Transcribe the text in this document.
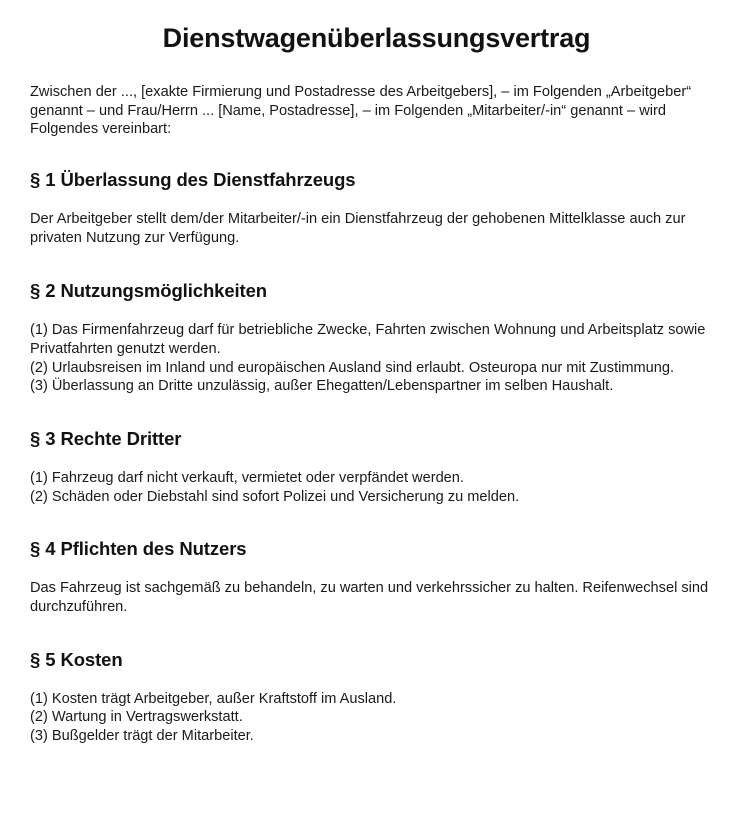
Dienstwagenüberlassungsvertrag

Zwischen der ..., [exakte Firmierung und Postadresse des Arbeitgebers], – im Folgenden „Arbeitgeber“ genannt – und Frau/Herrn ... [Name, Postadresse], – im Folgenden „Mitarbeiter/-in“ genannt – wird Folgendes vereinbart:

§ 1 Überlassung des Dienstfahrzeugs

Der Arbeitgeber stellt dem/der Mitarbeiter/-in ein Dienstfahrzeug der gehobenen Mittelklasse auch zur privaten Nutzung zur Verfügung.

§ 2 Nutzungsmöglichkeiten

(1) Das Firmenfahrzeug darf für betriebliche Zwecke, Fahrten zwischen Wohnung und Arbeitsplatz sowie Privatfahrten genutzt werden.
(2) Urlaubsreisen im Inland und europäischen Ausland sind erlaubt. Osteuropa nur mit Zustimmung.
(3) Überlassung an Dritte unzulässig, außer Ehegatten/Lebenspartner im selben Haushalt.

§ 3 Rechte Dritter

(1) Fahrzeug darf nicht verkauft, vermietet oder verpfändet werden.
(2) Schäden oder Diebstahl sind sofort Polizei und Versicherung zu melden.

§ 4 Pflichten des Nutzers

Das Fahrzeug ist sachgemäß zu behandeln, zu warten und verkehrssicher zu halten. Reifenwechsel sind durchzuführen.

§ 5 Kosten

(1) Kosten trägt Arbeitgeber, außer Kraftstoff im Ausland.
(2) Wartung in Vertragswerkstatt.
(3) Bußgelder trägt der Mitarbeiter.
